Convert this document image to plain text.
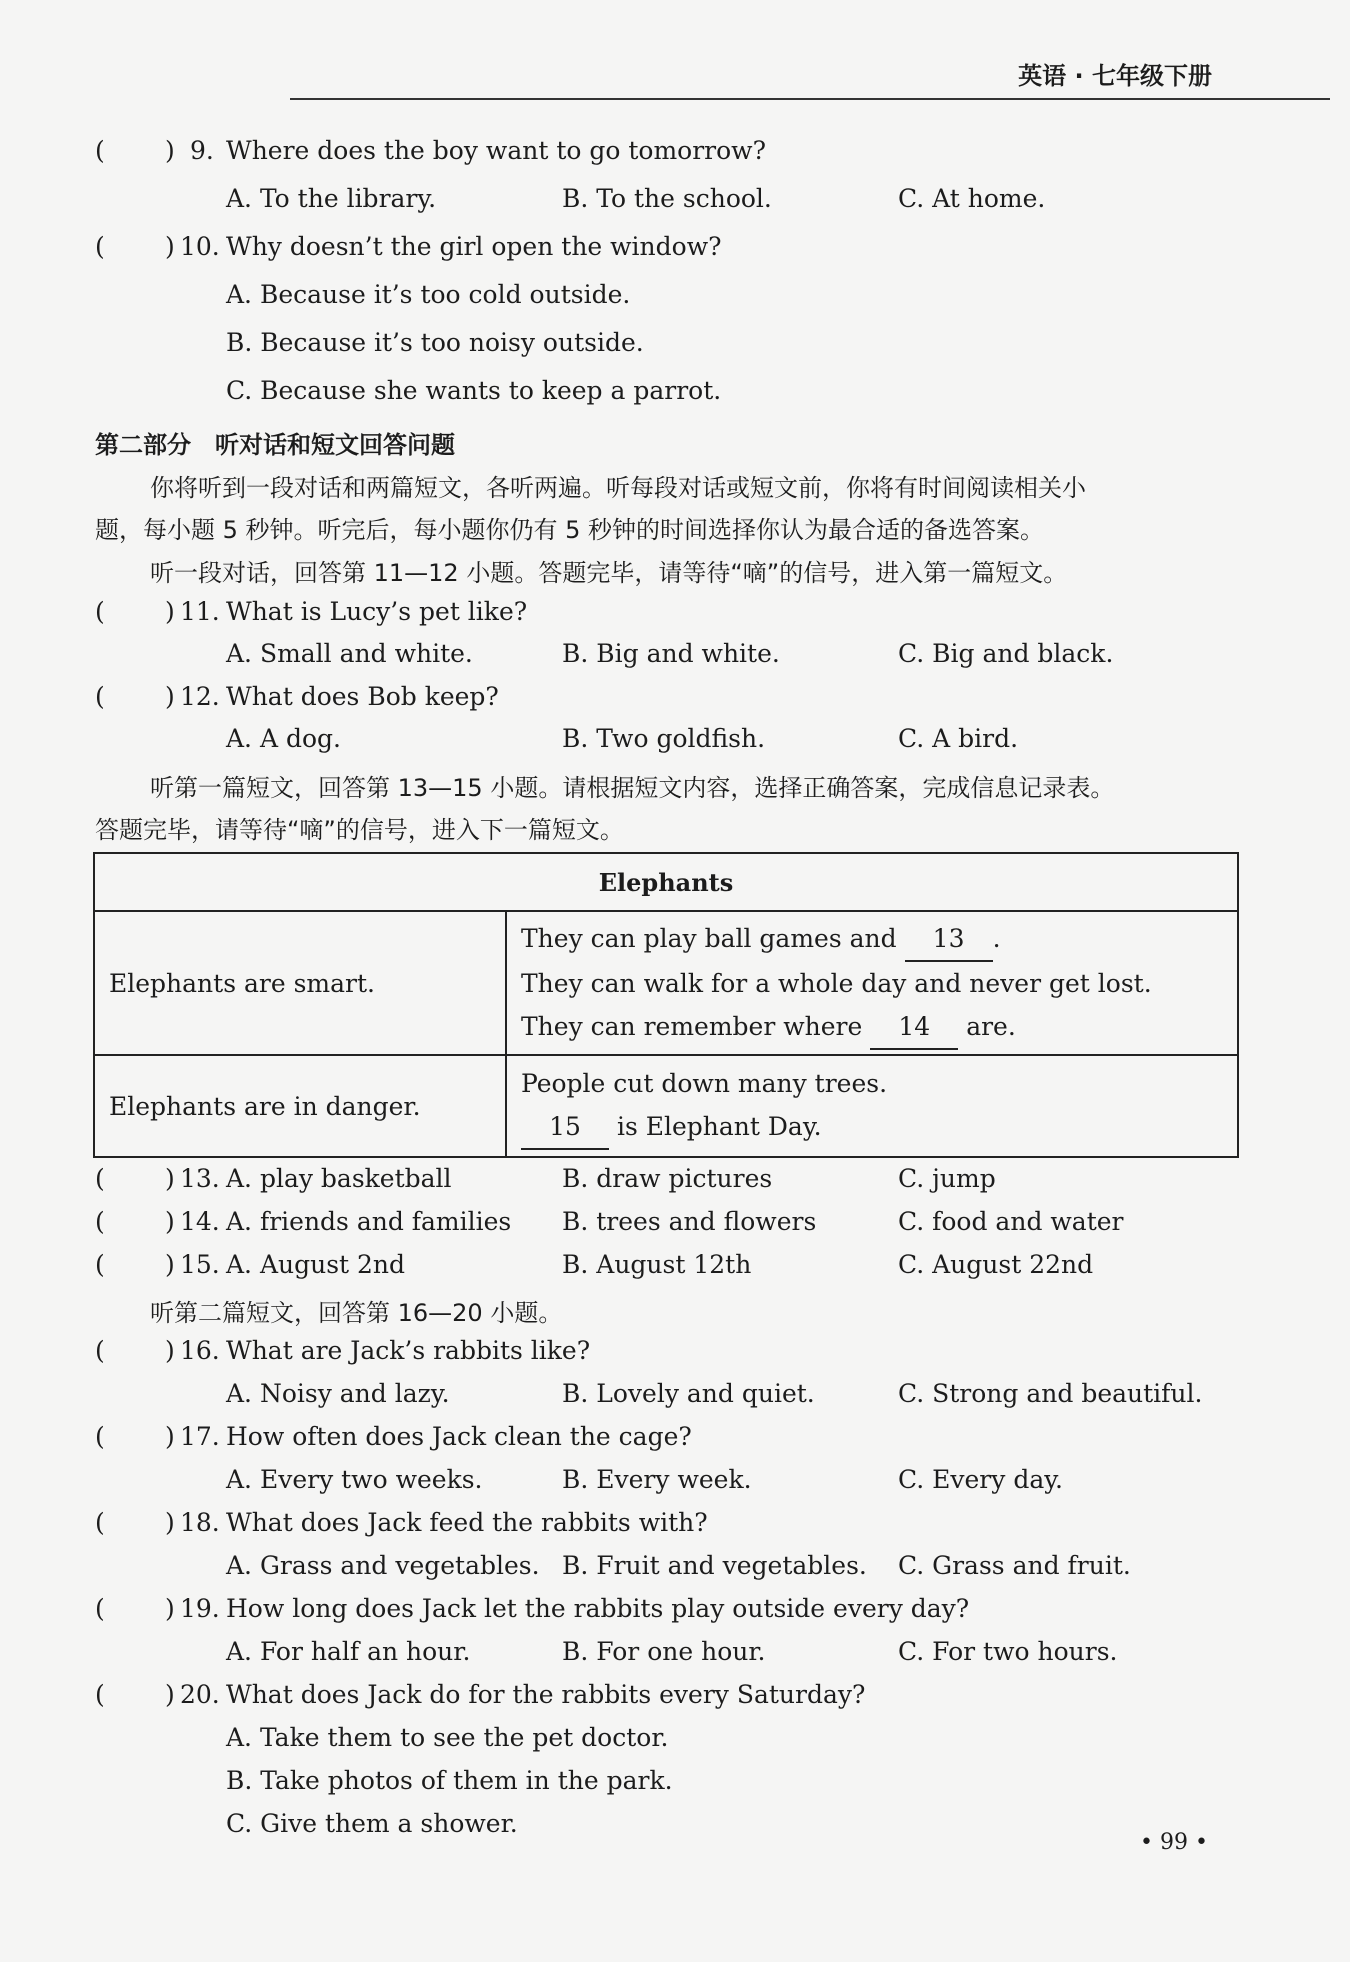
英语 · 七年级下册
( ) 9. Where does the boy want to go tomorrow?
A. To the library.	B. To the school.	C. At home.
( ) 10. Why doesn’t the girl open the window?
A. Because it’s too cold outside.
B. Because it’s too noisy outside.
C. Because she wants to keep a parrot.
第二部分　听对话和短文回答问题
你将听到一段对话和两篇短文，各听两遍。听每段对话或短文前，你将有时间阅读相关小
题，每小题 5 秒钟。听完后，每小题你仍有 5 秒钟的时间选择你认为最合适的备选答案。
听一段对话，回答第 11—12 小题。答题完毕，请等待“嘀”的信号，进入第一篇短文。
( ) 11. What is Lucy’s pet like?
A. Small and white.	B. Big and white.	C. Big and black.
( ) 12. What does Bob keep?
A. A dog.	B. Two goldfish.	C. A bird.
听第一篇短文，回答第 13—15 小题。请根据短文内容，选择正确答案，完成信息记录表。
答题完毕，请等待“嘀”的信号，进入下一篇短文。
Elephants	
Elephants are smart.	They can play ball games and 13 .
They can walk for a whole day and never get lost.
They can remember where 14 are.

Elephants are in danger.	People cut down many trees.
15 is Elephant Day.
( ) 13. A. play basketball	B. draw pictures	C. jump
( ) 14. A. friends and families B. trees and flowers	C. food and water
( ) 15. A. August 2nd	B. August 12th	C. August 22nd
听第二篇短文，回答第 16—20 小题。
( ) 16. What are Jack’s rabbits like?
A. Noisy and lazy.	B. Lovely and quiet.	C. Strong and beautiful.
( ) 17. How often does Jack clean the cage?
A. Every two weeks.	B. Every week.	C. Every day.
( ) 18. What does Jack feed the rabbits with?
A. Grass and vegetables. B. Fruit and vegetables. C. Grass and fruit.
( ) 19. How long does Jack let the rabbits play outside every day?
A. For half an hour.	B. For one hour.	C. For two hours.
( ) 20. What does Jack do for the rabbits every Saturday?
A. Take them to see the pet doctor.
B. Take photos of them in the park.
C. Give them a shower.
• 99 •
